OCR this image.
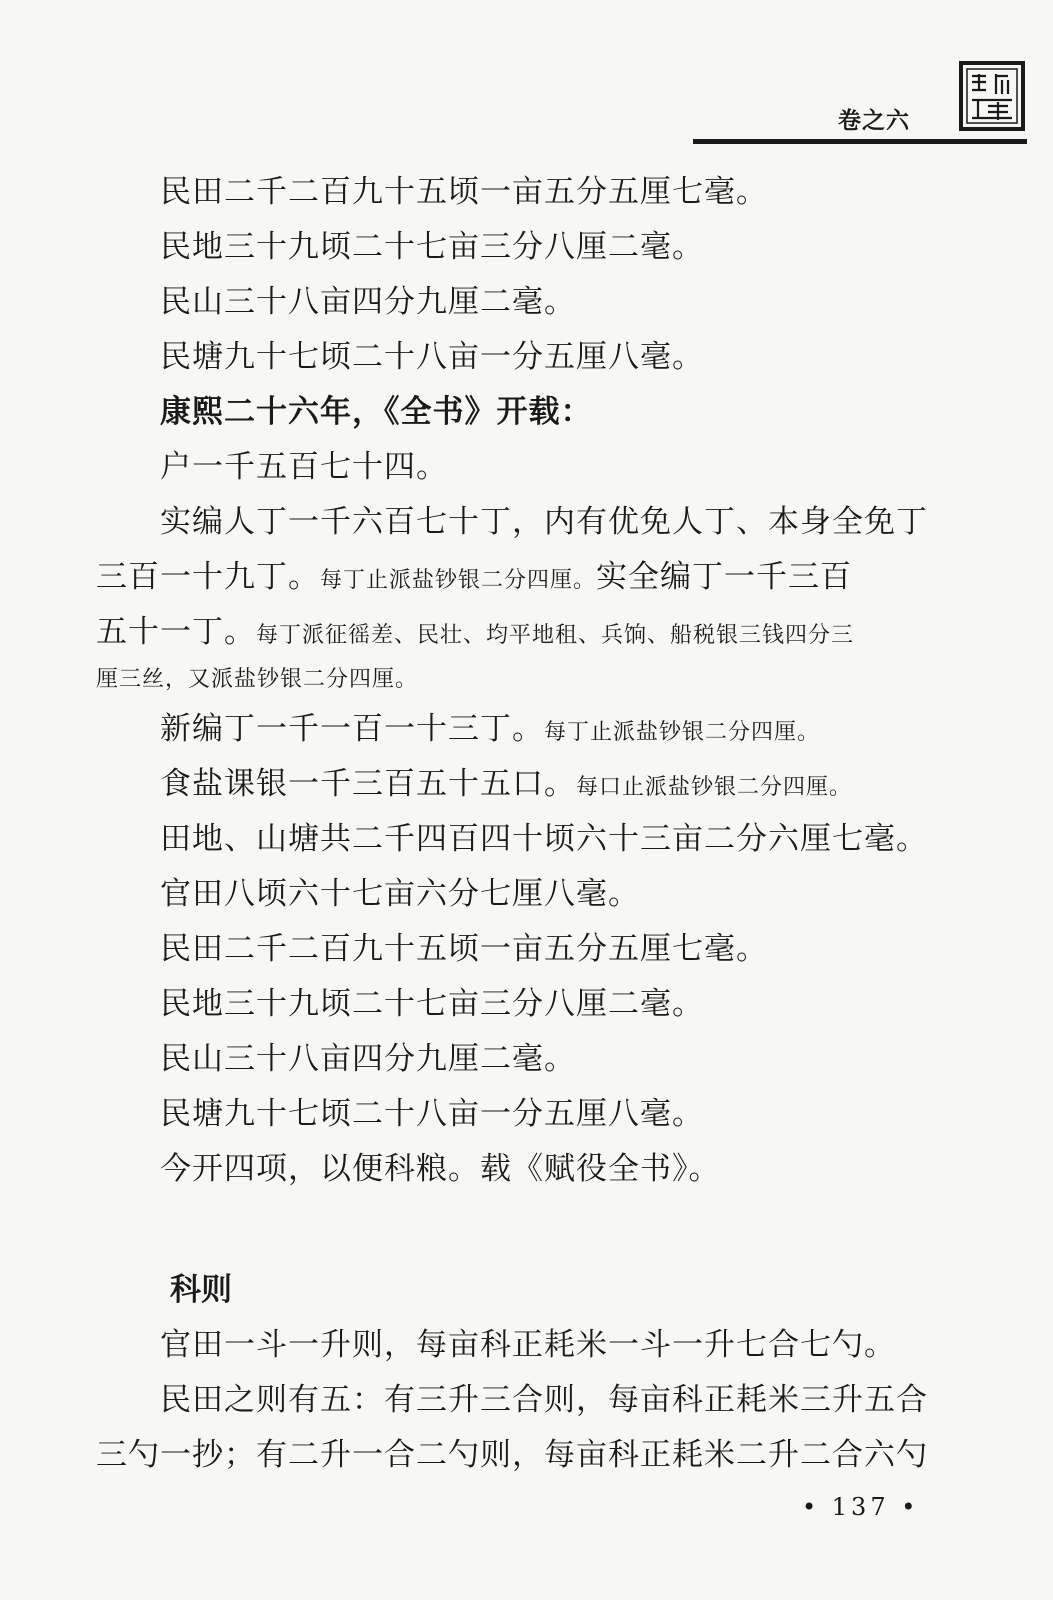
卷之六
民田二千二百九十五顷一亩五分五厘七毫。
民地三十九顷二十七亩三分八厘二毫。
民山三十八亩四分九厘二毫。
民塘九十七顷二十八亩一分五厘八毫。
康熙二十六年，《全书》开载：
户一千五百七十四。
实编人丁一千六百七十丁，内有优免人丁、本身全免丁
三百一十九丁。每丁止派盐钞银二分四厘。实全编丁一千三百
五十一丁。每丁派征徭差、民壮、均平地租、兵饷、船税银三钱四分三
厘三丝，又派盐钞银二分四厘。
新编丁一千一百一十三丁。每丁止派盐钞银二分四厘。
食盐课银一千三百五十五口。每口止派盐钞银二分四厘。
田地、山塘共二千四百四十顷六十三亩二分六厘七毫。
官田八顷六十七亩六分七厘八毫。
民田二千二百九十五顷一亩五分五厘七毫。
民地三十九顷二十七亩三分八厘二毫。
民山三十八亩四分九厘二毫。
民塘九十七顷二十八亩一分五厘八毫。
今开四项，以便科粮。载《赋役全书》。
科则
官田一斗一升则，每亩科正耗米一斗一升七合七勺。
民田之则有五：有三升三合则，每亩科正耗米三升五合
三勺一抄；有二升一合二勺则，每亩科正耗米二升二合六勺
• 137 •
